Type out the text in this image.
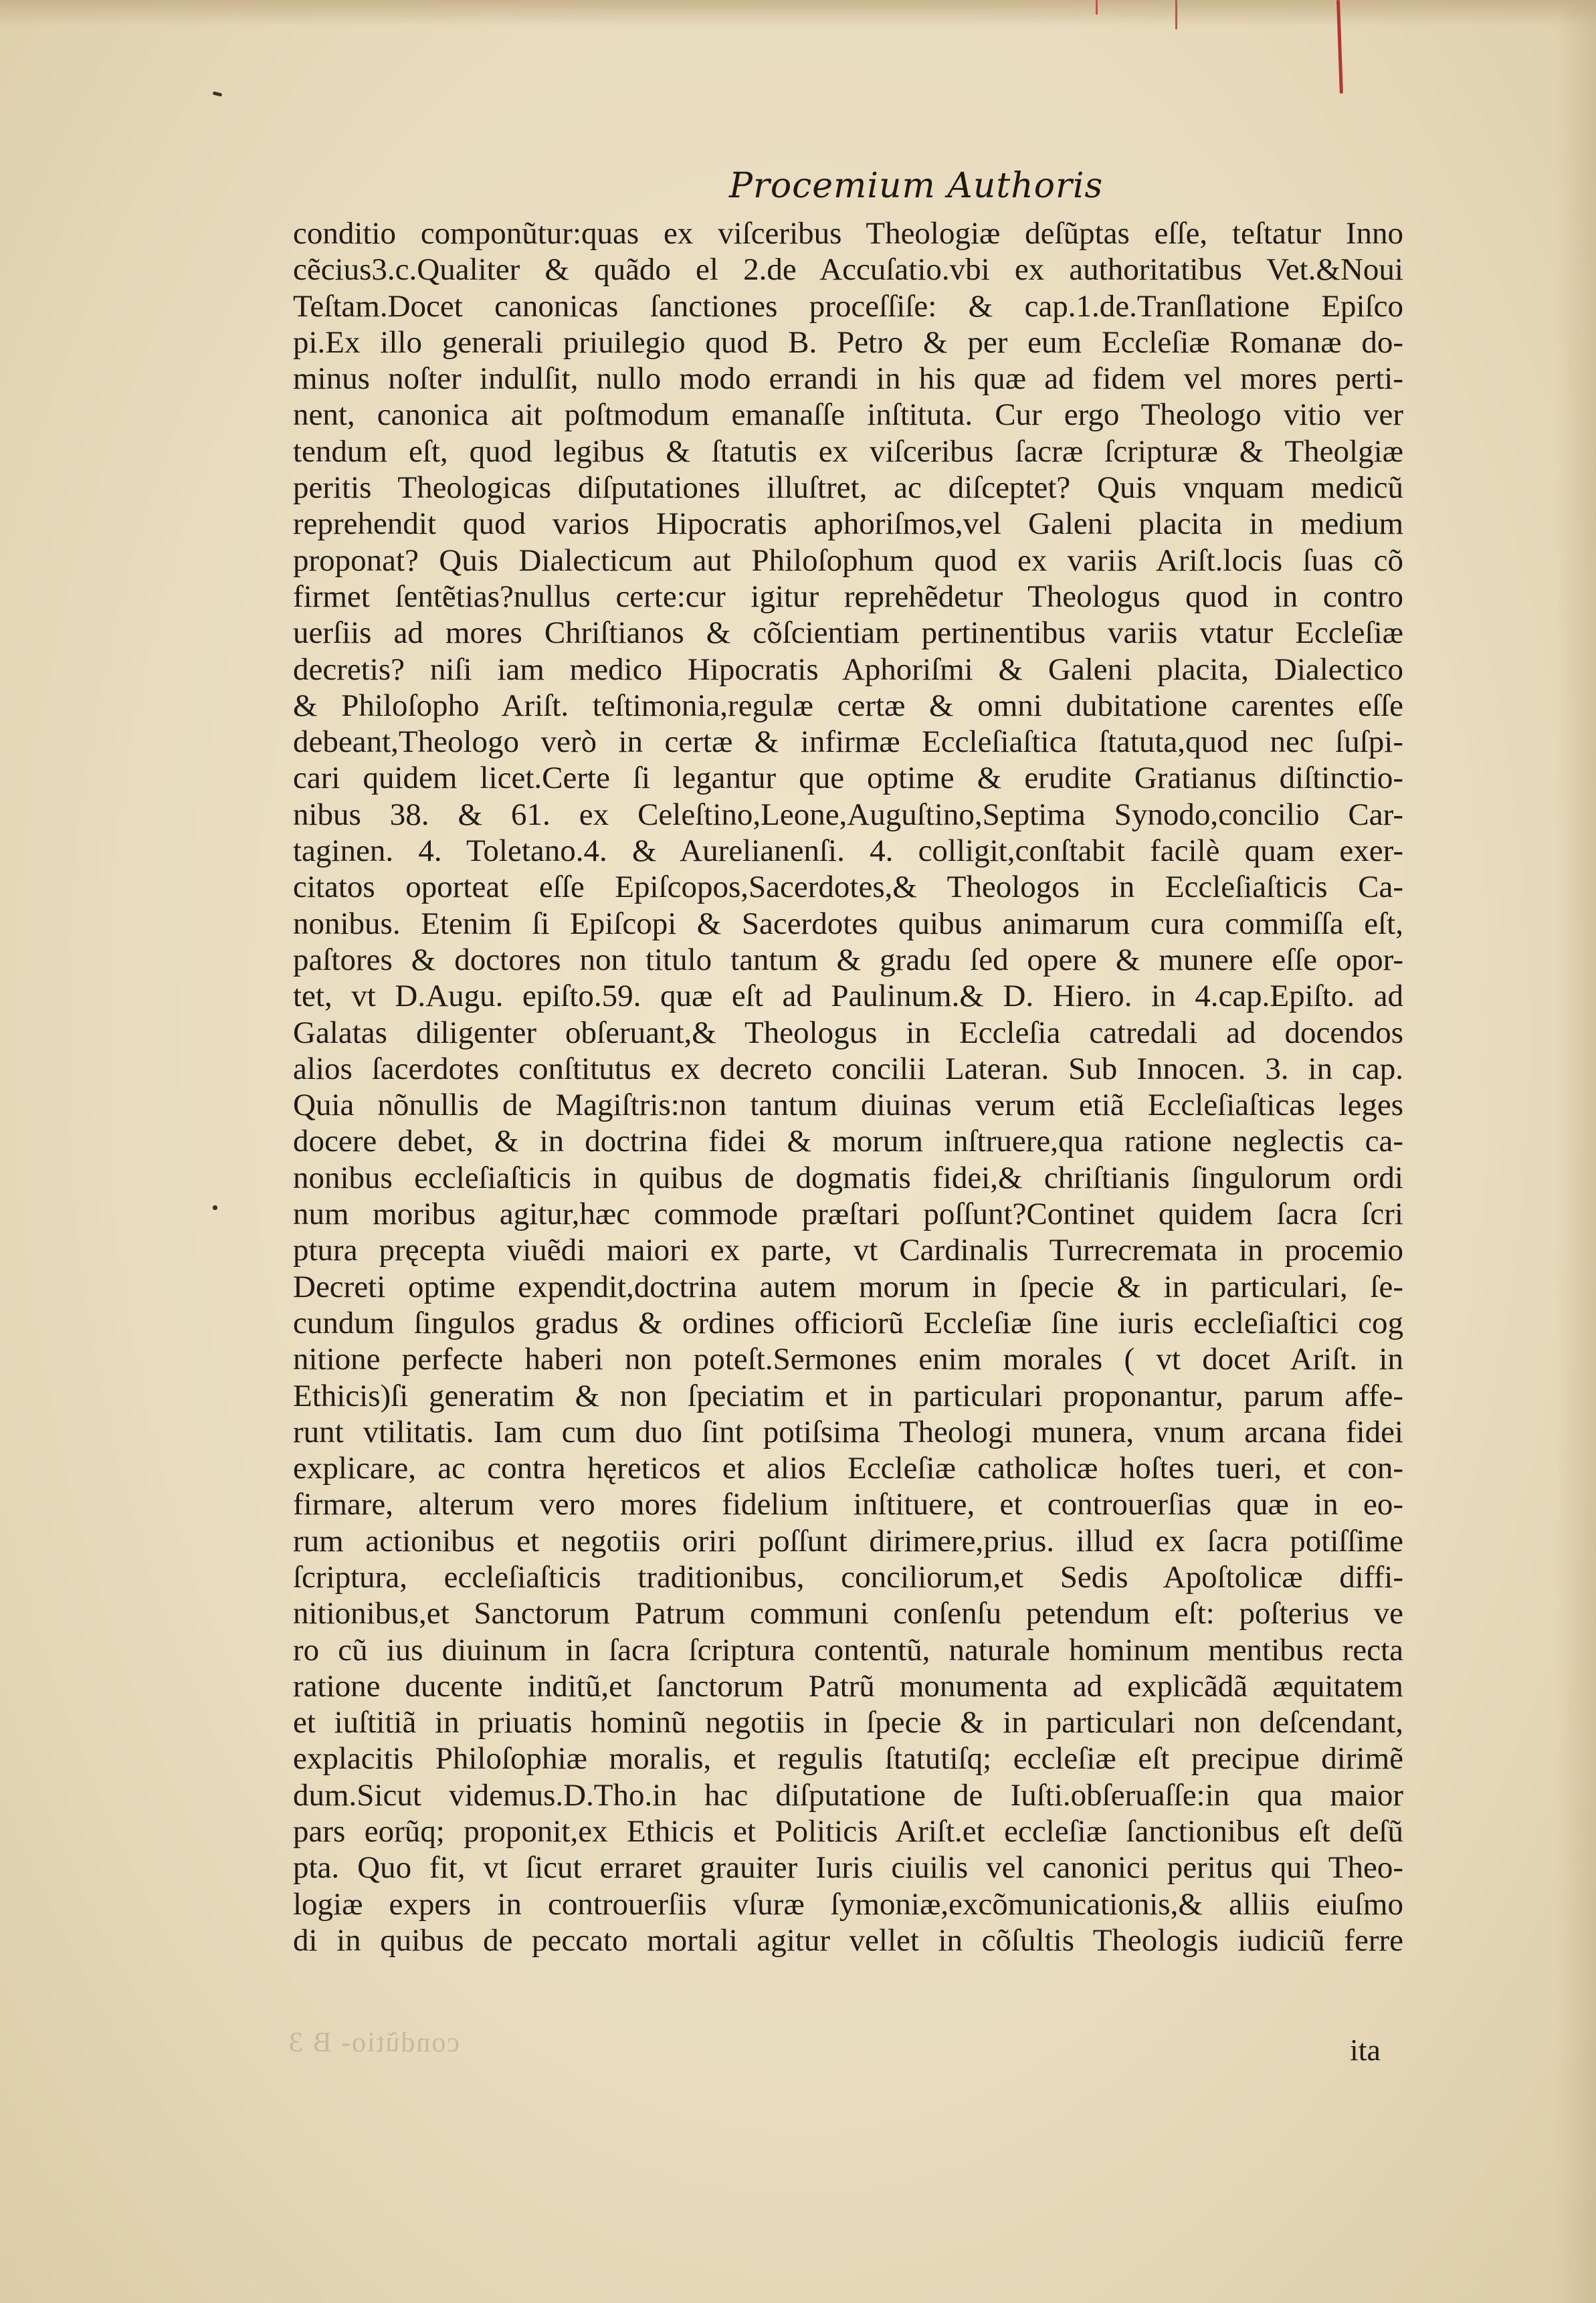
Procemium Authoris
conditio componũtur:quas ex viſceribus Theologiæ deſũptas eſſe, teſtatur Inno
cẽcius3.c.Qualiter & quãdo el 2.de Accuſatio.vbi ex authoritatibus Vet.&Noui
Teſtam.Docet canonicas ſanctiones proceſſiſe: & cap.1.de.Tranſlatione Epiſco
pi.Ex illo generali priuilegio quod B. Petro & per eum Eccleſiæ Romanæ do-
minus noſter indulſit, nullo modo errandi in his quæ ad fidem vel mores perti-
nent, canonica ait poſtmodum emanaſſe inſtituta. Cur ergo Theologo vitio ver
tendum eſt, quod legibus & ſtatutis ex viſceribus ſacræ ſcripturæ & Theolgiæ
peritis Theologicas diſputationes illuſtret, ac diſceptet? Quis vnquam medicũ
reprehendit quod varios Hipocratis aphoriſmos,vel Galeni placita in medium
proponat? Quis Dialecticum aut Philoſophum quod ex variis Ariſt.locis ſuas cõ
firmet ſentẽtias?nullus certe:cur igitur reprehẽdetur Theologus quod in contro
uerſiis ad mores Chriſtianos & cõſcientiam pertinentibus variis vtatur Eccleſiæ
decretis? niſi iam medico Hipocratis Aphoriſmi & Galeni placita, Dialectico
& Philoſopho Ariſt. teſtimonia,regulæ certæ & omni dubitatione carentes eſſe
debeant,Theologo verò in certæ & infirmæ Eccleſiaſtica ſtatuta,quod nec ſuſpi-
cari quidem licet.Certe ſi legantur que optime & erudite Gratianus diſtinctio-
nibus 38. & 61. ex Celeſtino,Leone,Auguſtino,Septima Synodo,concilio Car-
taginen. 4. Toletano.4. & Aurelianenſi. 4. colligit,conſtabit facilè quam exer-
citatos oporteat eſſe Epiſcopos,Sacerdotes,& Theologos in Eccleſiaſticis Ca-
nonibus. Etenim ſi Epiſcopi & Sacerdotes quibus animarum cura commiſſa eſt,
paſtores & doctores non titulo tantum & gradu ſed opere & munere eſſe opor-
tet, vt D.Augu. epiſto.59. quæ eſt ad Paulinum.& D. Hiero. in 4.cap.Epiſto. ad
Galatas diligenter obſeruant,& Theologus in Eccleſia catredali ad docendos
alios ſacerdotes conſtitutus ex decreto concilii Lateran. Sub Innocen. 3. in cap.
Quia nõnullis de Magiſtris:non tantum diuinas verum etiã Eccleſiaſticas leges
docere debet, & in doctrina fidei & morum inſtruere,qua ratione neglectis ca-
nonibus eccleſiaſticis in quibus de dogmatis fidei,& chriſtianis ſingulorum ordi
num moribus agitur,hæc commode præſtari poſſunt?Continet quidem ſacra ſcri
ptura pręcepta viuẽdi maiori ex parte, vt Cardinalis Turrecremata in procemio
Decreti optime expendit,doctrina autem morum in ſpecie & in particulari, ſe-
cundum ſingulos gradus & ordines officiorũ Eccleſiæ ſine iuris eccleſiaſtici cog
nitione perfecte haberi non poteſt.Sermones enim morales ( vt docet Ariſt. in
Ethicis)ſi generatim & non ſpeciatim et in particulari proponantur, parum affe-
runt vtilitatis. Iam cum duo ſint potiſsima Theologi munera, vnum arcana fidei
explicare, ac contra hęreticos et alios Eccleſiæ catholicæ hoſtes tueri, et con-
firmare, alterum vero mores fidelium inſtituere, et controuerſias quæ in eo-
rum actionibus et negotiis oriri poſſunt dirimere,prius. illud ex ſacra potiſſime
ſcriptura, eccleſiaſticis traditionibus, conciliorum,et Sedis Apoſtolicæ diffi-
nitionibus,et Sanctorum Patrum communi conſenſu petendum eſt: poſterius ve
ro cũ ius diuinum in ſacra ſcriptura contentũ, naturale hominum mentibus recta
ratione ducente inditũ,et ſanctorum Patrũ monumenta ad explicãdã æquitatem
et iuſtitiã in priuatis hominũ negotiis in ſpecie & in particulari non deſcendant,
explacitis Philoſophiæ moralis, et regulis ſtatutiſq; eccleſiæ eſt precipue dirimẽ
dum.Sicut videmus.D.Tho.in hac diſputatione de Iuſti.obſeruaſſe:in qua maior
pars eorũq; proponit,ex Ethicis et Politicis Ariſt.et eccleſiæ ſanctionibus eſt deſũ
pta. Quo fit, vt ſicut erraret grauiter Iuris ciuilis vel canonici peritus qui Theo-
logiæ expers in controuerſiis vſuræ ſymoniæ,excõmunicationis,& alliis eiuſmo
di in quibus de peccato mortali agitur vellet in cõſultis Theologis iudiciũ ferre
condũtio- B 3	ita
